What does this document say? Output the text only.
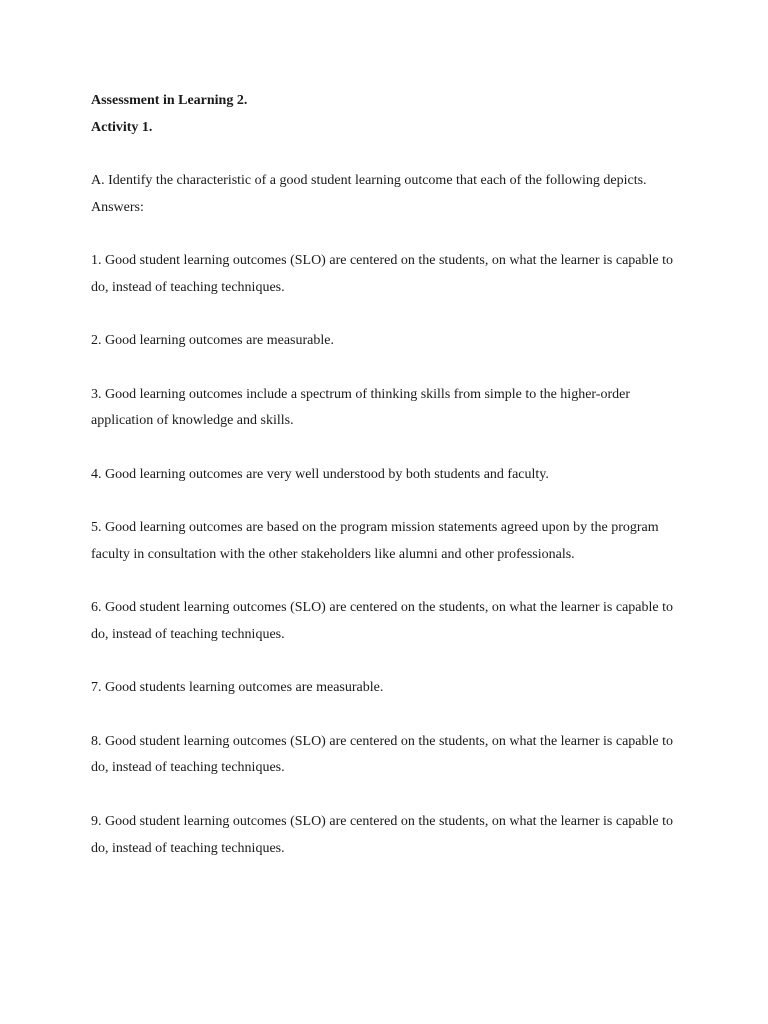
Assessment in Learning 2.

Activity 1.

A. Identify the characteristic of a good student learning outcome that each of the following depicts.

Answers:

1. Good student learning outcomes (SLO) are centered on the students, on what the learner is capable to do, instead of teaching techniques.

2. Good learning outcomes are measurable.

3. Good learning outcomes include a spectrum of thinking skills from simple to the higher-order application of knowledge and skills.

4. Good learning outcomes are very well understood by both students and faculty.

5. Good learning outcomes are based on the program mission statements agreed upon by the program faculty in consultation with the other stakeholders like alumni and other professionals.

6. Good student learning outcomes (SLO) are centered on the students, on what the learner is capable to do, instead of teaching techniques.

7. Good students learning outcomes are measurable.

8. Good student learning outcomes (SLO) are centered on the students, on what the learner is capable to do, instead of teaching techniques.

9. Good student learning outcomes (SLO) are centered on the students, on what the learner is capable to do, instead of teaching techniques.
